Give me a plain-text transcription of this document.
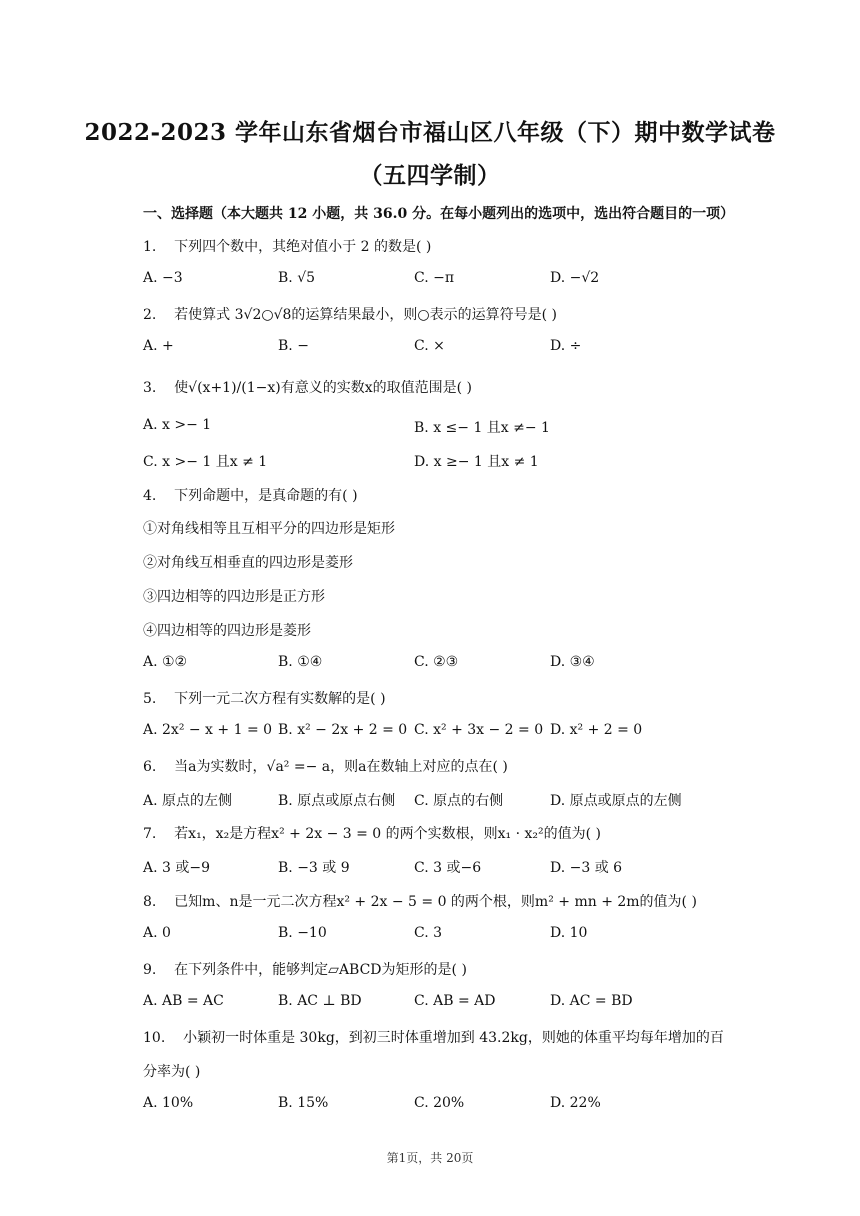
2022-2023 学年山东省烟台市福山区八年级（下）期中数学试卷
（五四学制）
一、选择题（本大题共 12 小题，共 36.0 分。在每小题列出的选项中，选出符合题目的一项）
1. 下列四个数中，其绝对值小于 2 的数是( )
A. −3	B. √5	C. −π	D. −√2
2. 若使算式 3√2○√8的运算结果最小，则○表示的运算符号是( )
A. +	B. −	C. ×	D. ÷
3. 使√(x+1)/(1−x)有意义的实数x的取值范围是( )
A. x >− 1	B. x ≤− 1 且x ≠− 1
C. x >− 1 且x ≠ 1	D. x ≥− 1 且x ≠ 1
4. 下列命题中，是真命题的有( )
①对角线相等且互相平分的四边形是矩形
②对角线互相垂直的四边形是菱形
③四边相等的四边形是正方形
④四边相等的四边形是菱形
A. ①②	B. ①④	C. ②③	D. ③④
5. 下列一元二次方程有实数解的是( )
A. 2x² − x + 1 = 0 B. x² − 2x + 2 = 0 C. x² + 3x − 2 = 0 D. x² + 2 = 0
6. 当a为实数时，√a² =− a，则a在数轴上对应的点在( )
A. 原点的左侧	B. 原点或原点右侧 C. 原点的右侧	D. 原点或原点的左侧
7. 若x₁，x₂是方程x² + 2x − 3 = 0 的两个实数根，则x₁ · x₂²的值为( )
A. 3 或−9	B. −3 或 9	C. 3 或−6	D. −3 或 6
8. 已知m、n是一元二次方程x² + 2x − 5 = 0 的两个根，则m² + mn + 2m的值为( )
A. 0	B. −10	C. 3	D. 10
9. 在下列条件中，能够判定▱ABCD为矩形的是( )
A. AB = AC	B. AC ⊥ BD	C. AB = AD	D. AC = BD
10. 小颖初一时体重是 30kg，到初三时体重增加到 43.2kg，则她的体重平均每年增加的百
分率为( )
A. 10%	B. 15%	C. 20%	D. 22%
第1页，共 20页
